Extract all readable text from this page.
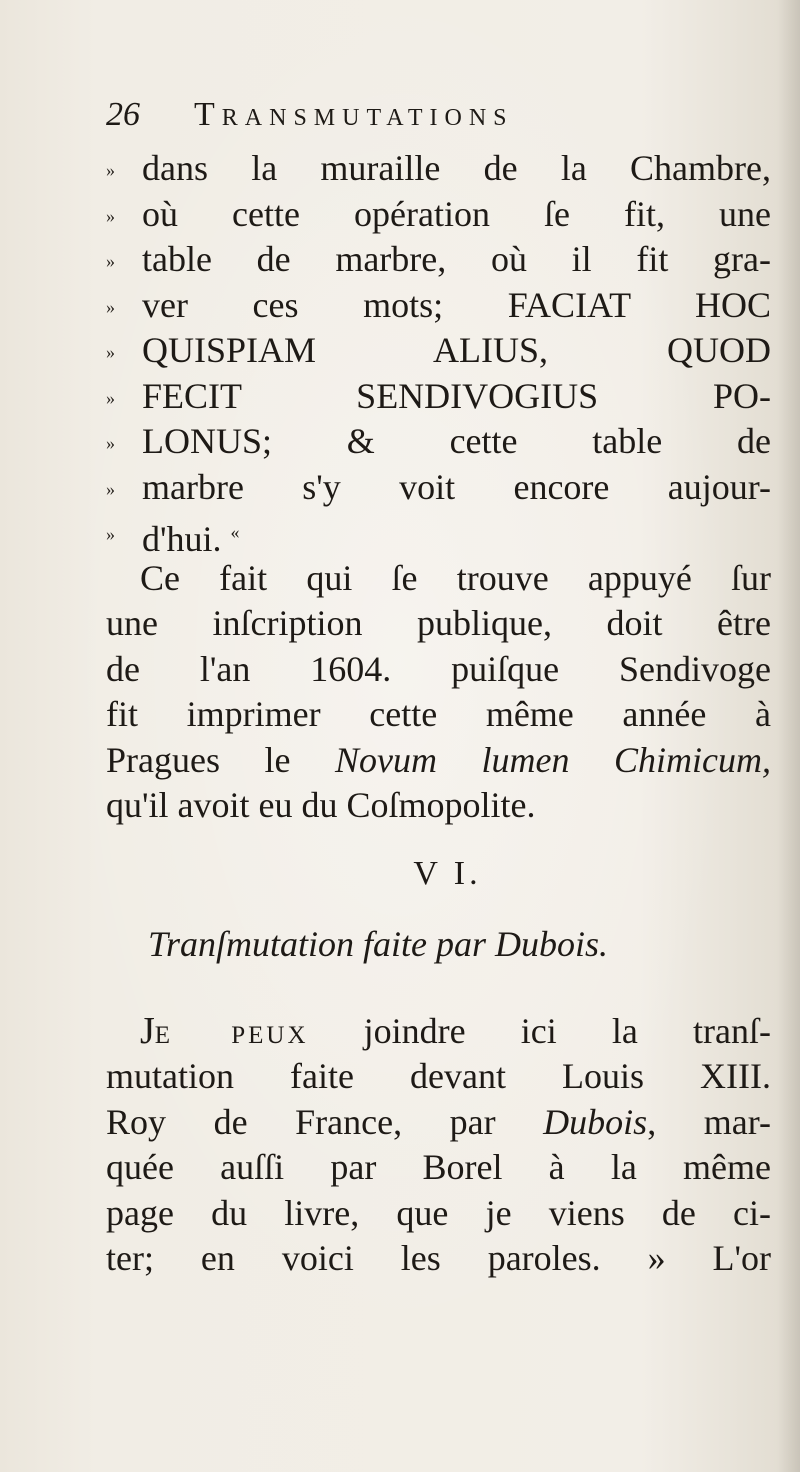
26 Transmutations
» dans la muraille de la Chambre,
» où cette opération ſe fit, une
» table de marbre, où il fit gra-
» ver ces mots; FACIAT HOC
» QUISPIAM ALIUS, QUOD
» FECIT SENDIVOGIUS PO-
» LONUS; & cette table de
» marbre s'y voit encore aujour-
» d'hui. «
Ce fait qui ſe trouve appuyé ſur
une inſcription publique, doit être
de l'an 1604. puiſque Sendivoge
fit imprimer cette même année à
Pragues le Novum lumen Chimicum,
qu'il avoit eu du Coſmopolite.
V I.
Tranſmutation faite par Dubois.
Je peux joindre ici la tranſ-
mutation faite devant Louis XIII.
Roy de France, par Dubois, mar-
quée auſſi par Borel à la même
page du livre, que je viens de ci-
ter; en voici les paroles. » L'or
